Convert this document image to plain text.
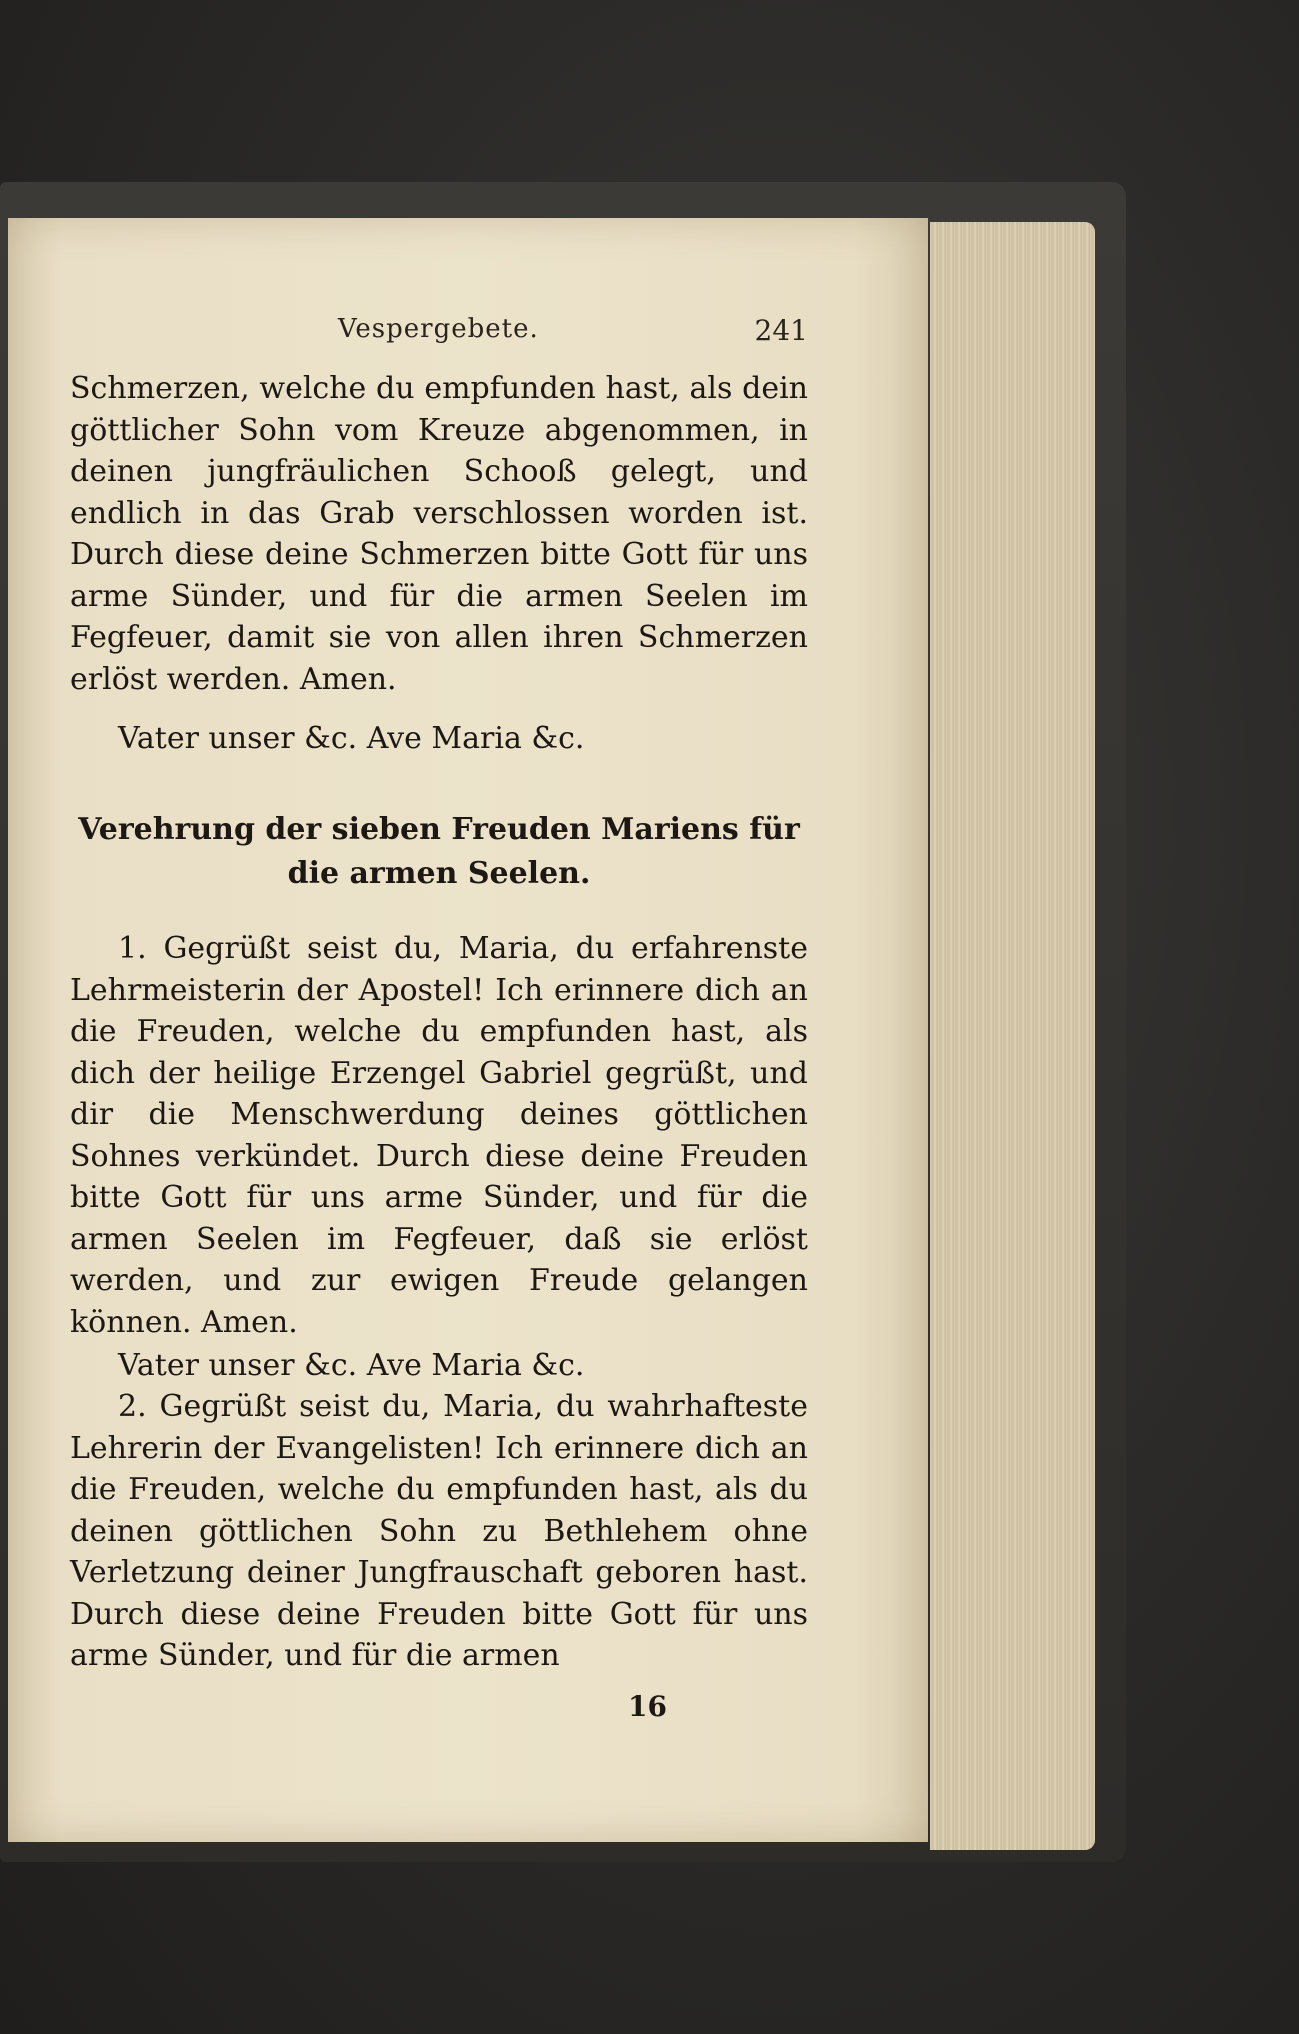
Vespergebete.	241

Schmerzen, welche du empfunden hast, als dein göttlicher Sohn vom Kreuze abgenommen, in deinen jungfräulichen Schooß gelegt, und endlich in das Grab verschlossen worden ist. Durch diese deine Schmerzen bitte Gott für uns arme Sünder, und für die armen Seelen im Fegfeuer, damit sie von allen ihren Schmerzen erlöst werden. Amen.

Vater unser &c. Ave Maria &c.

Verehrung der sieben Freuden Mariens für die armen Seelen.

1. Gegrüßt seist du, Maria, du erfahrenste Lehrmeisterin der Apostel! Ich erinnere dich an die Freuden, welche du empfunden hast, als dich der heilige Erzengel Gabriel gegrüßt, und dir die Menschwerdung deines göttlichen Sohnes verkündet. Durch diese deine Freuden bitte Gott für uns arme Sünder, und für die armen Seelen im Fegfeuer, daß sie erlöst werden, und zur ewigen Freude gelangen können. Amen.

Vater unser &c. Ave Maria &c.

2. Gegrüßt seist du, Maria, du wahrhafteste Lehrerin der Evangelisten! Ich erinnere dich an die Freuden, welche du empfunden hast, als du deinen göttlichen Sohn zu Bethlehem ohne Verletzung deiner Jungfrauschaft geboren hast. Durch diese deine Freuden bitte Gott für uns arme Sünder, und für die armen

16
